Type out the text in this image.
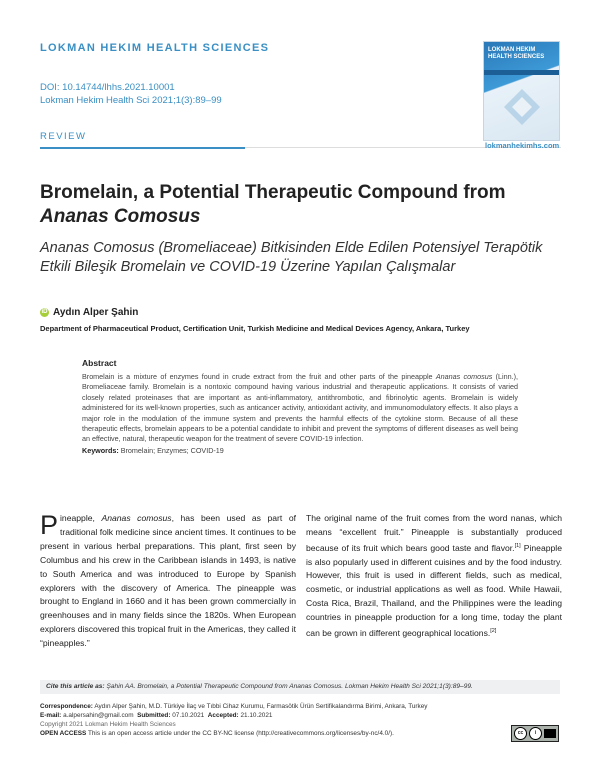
LOKMAN HEKIM HEALTH SCIENCES
DOI: 10.14744/lhhs.2021.10001
Lokman Hekim Health Sci 2021;1(3):89–99
REVIEW
LOKMAN HEKIM
HEALTH SCIENCES
lokmanhekimhs.com
Bromelain, a Potential Therapeutic Compound from Ananas Comosus
Ananas Comosus (Bromeliaceae) Bitkisinden Elde Edilen Potensiyel Terapötik Etkili Bileşik Bromelain ve COVID-19 Üzerine Yapılan Çalışmalar
iD Aydın Alper Şahin
Department of Pharmaceutical Product, Certification Unit, Turkish Medicine and Medical Devices Agency, Ankara, Turkey
Abstract
Bromelain is a mixture of enzymes found in crude extract from the fruit and other parts of the pineapple Ananas comosus (Linn.), Bromeliaceae family. Bromelain is a nontoxic compound having various industrial and therapeutic applications. It consists of varied closely related proteinases that are important as anti-inflammatory, antithrombotic, and fibrinolytic agents. Bromelain is widely administered for its well-known properties, such as anticancer activity, antioxidant activity, and immunomodulatory effects. It also plays a major role in the modulation of the immune system and prevents the harmful effects of the cytokine storm. Because of all these therapeutic effects, bromelain appears to be a potential candidate to inhibit and prevent the symptoms of different diseases as well being an effective, natural, therapeutic weapon for the treatment of severe COVID-19 infection.
Keywords: Bromelain; Enzymes; COVID-19
Pineapple, Ananas comosus, has been used as part of traditional folk medicine since ancient times. It continues to be present in various herbal preparations. This plant, first seen by Columbus and his crew in the Caribbean islands in 1493, is native to South America and was introduced to Europe by Spanish explorers with the discovery of America. The pineapple was brought to England in 1660 and it has been grown commercially in greenhouses and in many fields since the 1820s. When European explorers discovered this tropical fruit in the Americas, they called it “pineapples.”
The original name of the fruit comes from the word nanas, which means “excellent fruit.” Pineapple is substantially produced because of its fruit which bears good taste and flavor.[1] Pineapple is also popularly used in different cuisines and by the food industry. However, this fruit is used in different fields, such as medical, cosmetic, or industrial applications as well as food. While Hawaii, Costa Rica, Brazil, Thailand, and the Philippines were the leading countries in pineapple production for a long time, today the plant can be grown in different geographical locations.[2]
Cite this article as: Şahin AA. Bromelain, a Potential Therapeutic Compound from Ananas Comosus. Lokman Hekim Health Sci 2021;1(3):89–99.
Correspondence: Aydın Alper Şahin, M.D. Türkiye İlaç ve Tıbbi Cihaz Kurumu, Farmasötik Ürün Sertifikalandırma Birimi, Ankara, Turkey
E-mail: a.alpersahin@gmail.com Submitted: 07.10.2021 Accepted: 21.10.2021
Copyright 2021 Lokman Hekim Health Sciences
OPEN ACCESS This is an open access article under the CC BY-NC license (http://creativecommons.org/licenses/by-nc/4.0/).	cc	i
